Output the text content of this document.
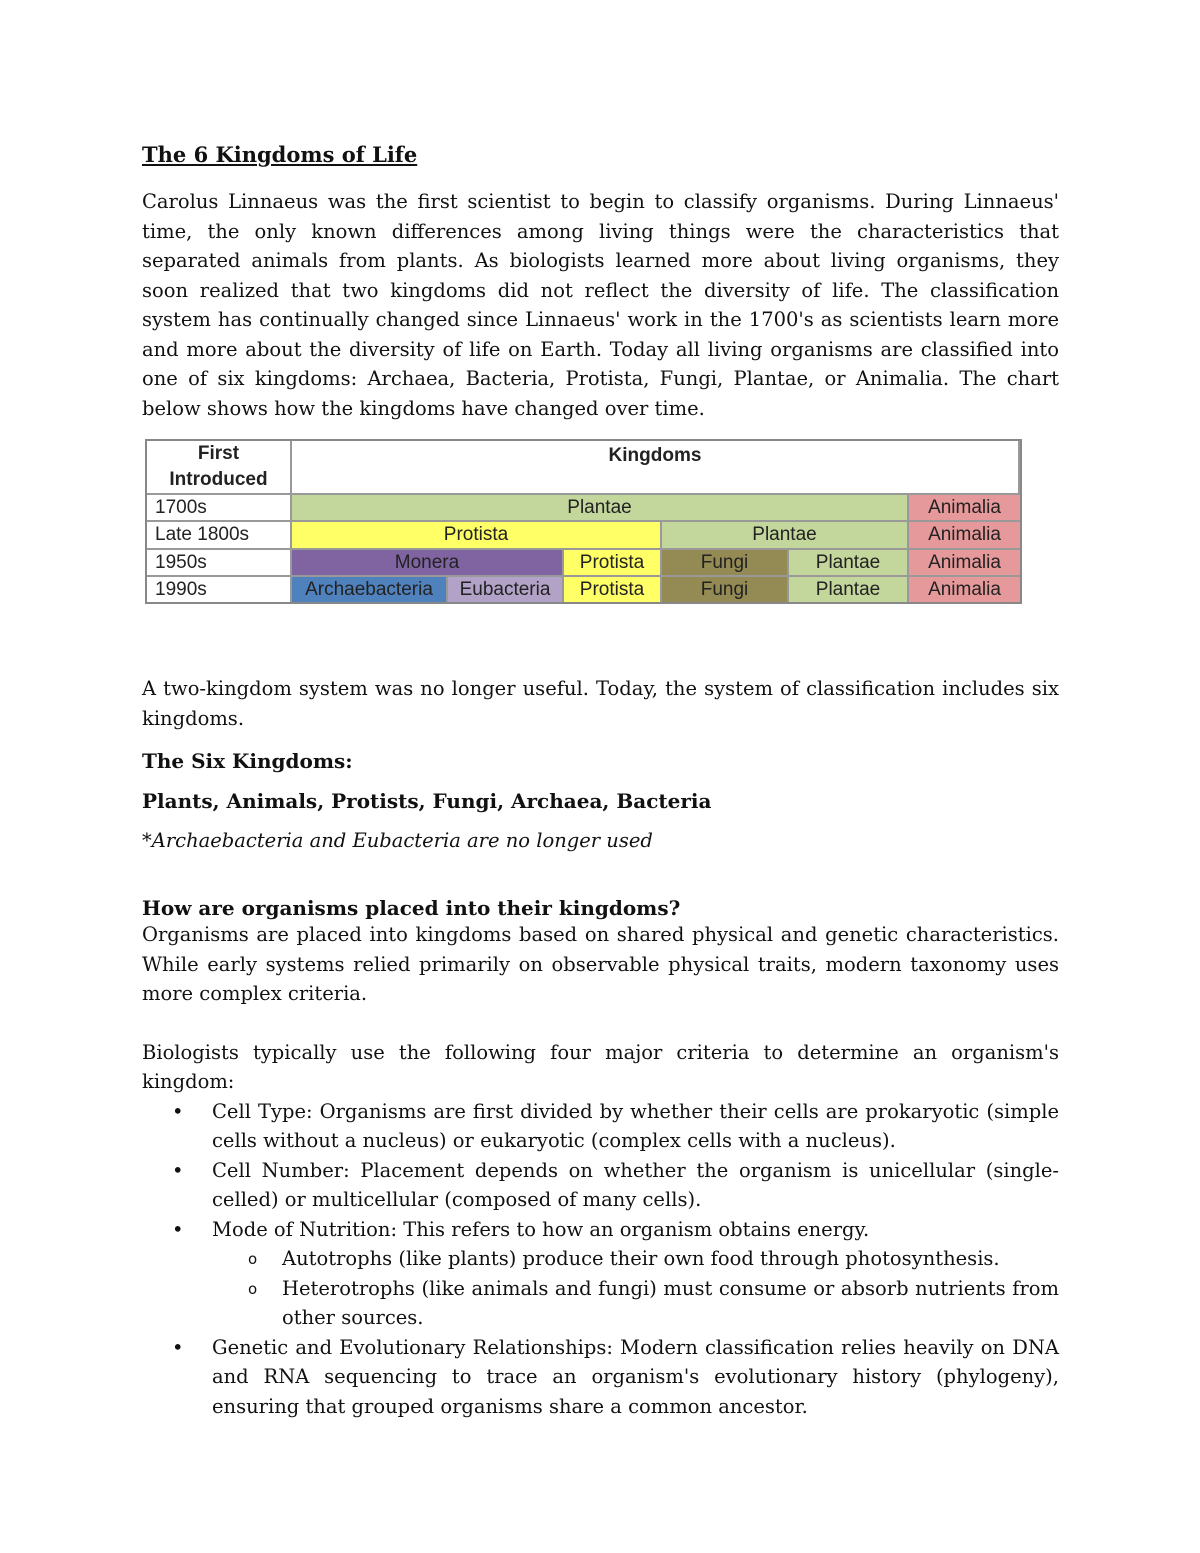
The 6 Kingdoms of Life

Carolus Linnaeus was the first scientist to begin to classify organisms. During Linnaeus' time, the only known differences among living things were the characteristics that separated animals from plants. As biologists learned more about living organisms, they soon realized that two kingdoms did not reflect the diversity of life. The classification system has continually changed since Linnaeus' work in the 1700's as scientists learn more and more about the diversity of life on Earth. Today all living organisms are classified into one of six kingdoms: Archaea, Bacteria, Protista, Fungi, Plantae, or Animalia. The chart below shows how the kingdoms have changed over time.

First
Introduced
Kingdoms
1700s	Plantae	Animalia
Late 1800s	Protista	Plantae	Animalia
1950s	Monera	Protista	Fungi	Plantae	Animalia
1990s	Archaebacteria	Eubacteria	Protista	Fungi	Plantae	Animalia

A two-kingdom system was no longer useful. Today, the system of classification includes six kingdoms.

The Six Kingdoms:

Plants, Animals, Protists, Fungi, Archaea, Bacteria

*Archaebacteria and Eubacteria are no longer used

How are organisms placed into their kingdoms?

Organisms are placed into kingdoms based on shared physical and genetic characteristics. While early systems relied primarily on observable physical traits, modern taxonomy uses more complex criteria.

Biologists typically use the following four major criteria to determine an organism's kingdom:

• Cell Type: Organisms are first divided by whether their cells are prokaryotic (simple cells without a nucleus) or eukaryotic (complex cells with a nucleus).
• Cell Number: Placement depends on whether the organism is unicellular (single-celled) or multicellular (composed of many cells).
• Mode of Nutrition: This refers to how an organism obtains energy.
o Autotrophs (like plants) produce their own food through photosynthesis.
o Heterotrophs (like animals and fungi) must consume or absorb nutrients from other sources.
• Genetic and Evolutionary Relationships: Modern classification relies heavily on DNA and RNA sequencing to trace an organism's evolutionary history (phylogeny), ensuring that grouped organisms share a common ancestor.
